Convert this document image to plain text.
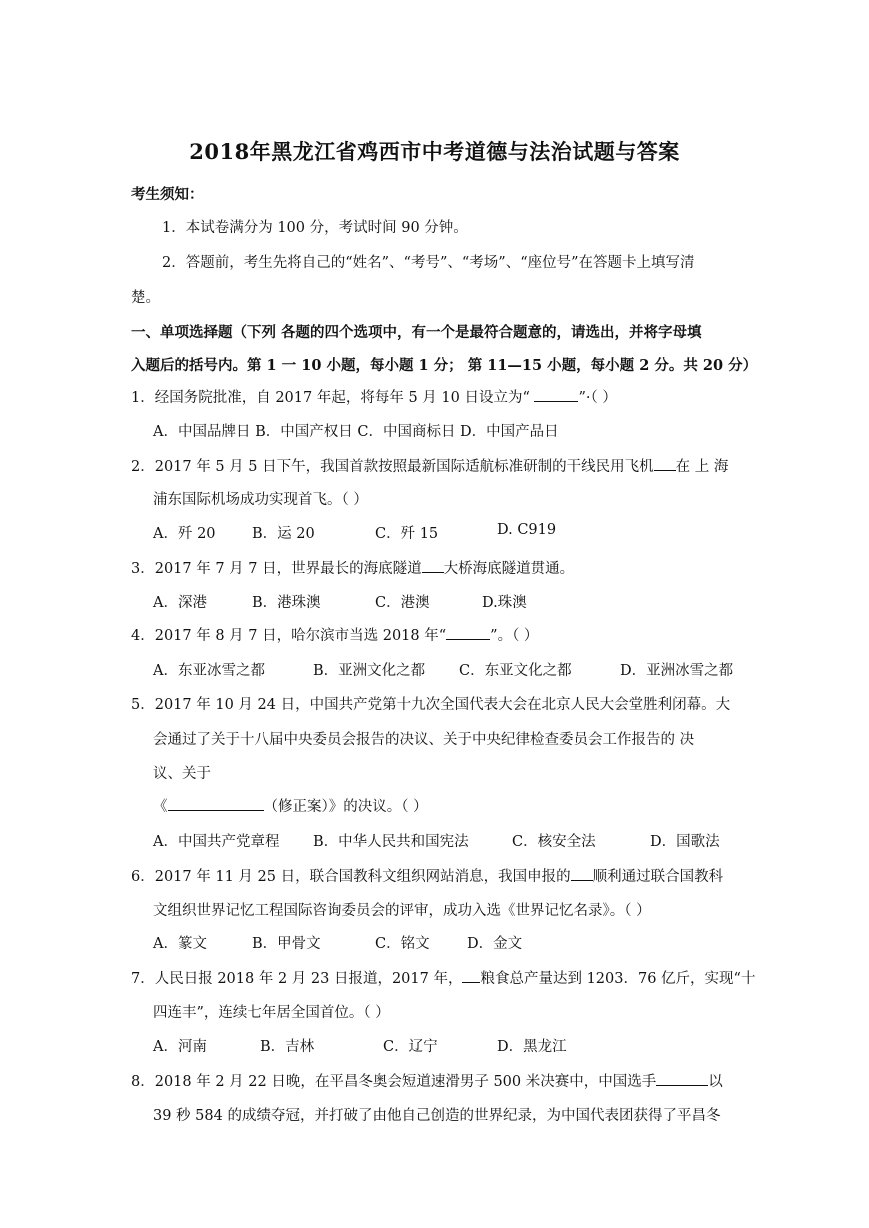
2018年黑龙江省鸡西市中考道德与法治试题与答案
考生须知：
1．本试卷满分为 100 分，考试时间 90 分钟。
2．答题前，考生先将自己的“姓名”、“考号”、“考场”、“座位号”在答题卡上填写清
楚。
一、单项选择题（下列 各题的四个选项中，有一个是最符合题意的，请选出，并将字母填
入题后的括号内。第 1 一 10 小题，每小题 1 分； 第 11—15 小题，每小题 2 分。共 20 分）
1．经国务院批准，自 2017 年起，将每年 5 月 10 日设立为“	”·（ ）
A．中国品牌日 B．中国产权日 C．中国商标日 D．中国产品日
2．2017 年 5 月 5 日下午，我国首款按照最新国际适航标准研制的干线民用飞机 在 上 海
浦东国际机场成功实现首飞。（ ）
A．歼 20	B．运 20	C．歼 15	D. C919
3．2017 年 7 月 7 日，世界最长的海底隧道 大桥海底隧道贯通。
A．深港	B．港珠澳	C．港澳	D.珠澳
4．2017 年 8 月 7 日，哈尔滨市当选 2018 年“	”。（ ）
A．东亚冰雪之都	B．亚洲文化之都 C．东亚文化之都	D．亚洲冰雪之都
5．2017 年 10 月 24 日，中国共产党第十九次全国代表大会在北京人民大会堂胜利闭幕。大
会通过了关于十八届中央委员会报告的决议、关于中央纪律检查委员会工作报告的 决
议、关于
《	（修正案）》的决议。（ ）
A．中国共产党章程 B．中华人民共和国宪法	C．核安全法	D．国歌法
6．2017 年 11 月 25 日，联合国教科文组织网站消息，我国申报的 顺利通过联合国教科
文组织世界记忆工程国际咨询委员会的评审，成功入选《世界记忆名录》。（ ）
A．篆文	B．甲骨文	C．铭文	D．金文
7．人民日报 2018 年 2 月 23 日报道，2017 年， 粮食总产量达到 1203．76 亿斤，实现“十
四连丰”，连续七年居全国首位。（ ）
A．河南	B．吉林	C．辽宁	D．黑龙江
8．2018 年 2 月 22 日晚，在平昌冬奥会短道速滑男子 500 米决赛中，中国选手	以
39 秒 584 的成绩夺冠，并打破了由他自己创造的世界纪录，为中国代表团获得了平昌冬
